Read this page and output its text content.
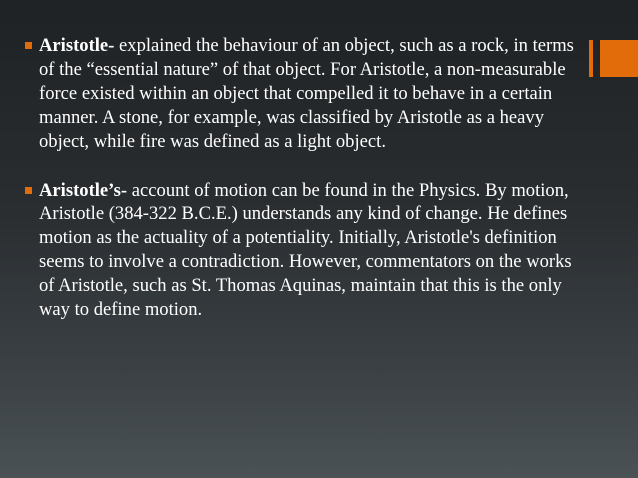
Aristotle- explained the behaviour of an object, such as a rock, in terms of the “essential nature” of that object. For Aristotle, a non-measurable force existed within an object that compelled it to behave in a certain manner. A stone, for example, was classified by Aristotle as a heavy object, while fire was defined as a light object.
Aristotle’s- account of motion can be found in the Physics. By motion, Aristotle (384-322 B.C.E.) understands any kind of change. He defines motion as the actuality of a potentiality. Initially, Aristotle's definition seems to involve a contradiction. However, commentators on the works of Aristotle, such as St. Thomas Aquinas, maintain that this is the only way to define motion.
